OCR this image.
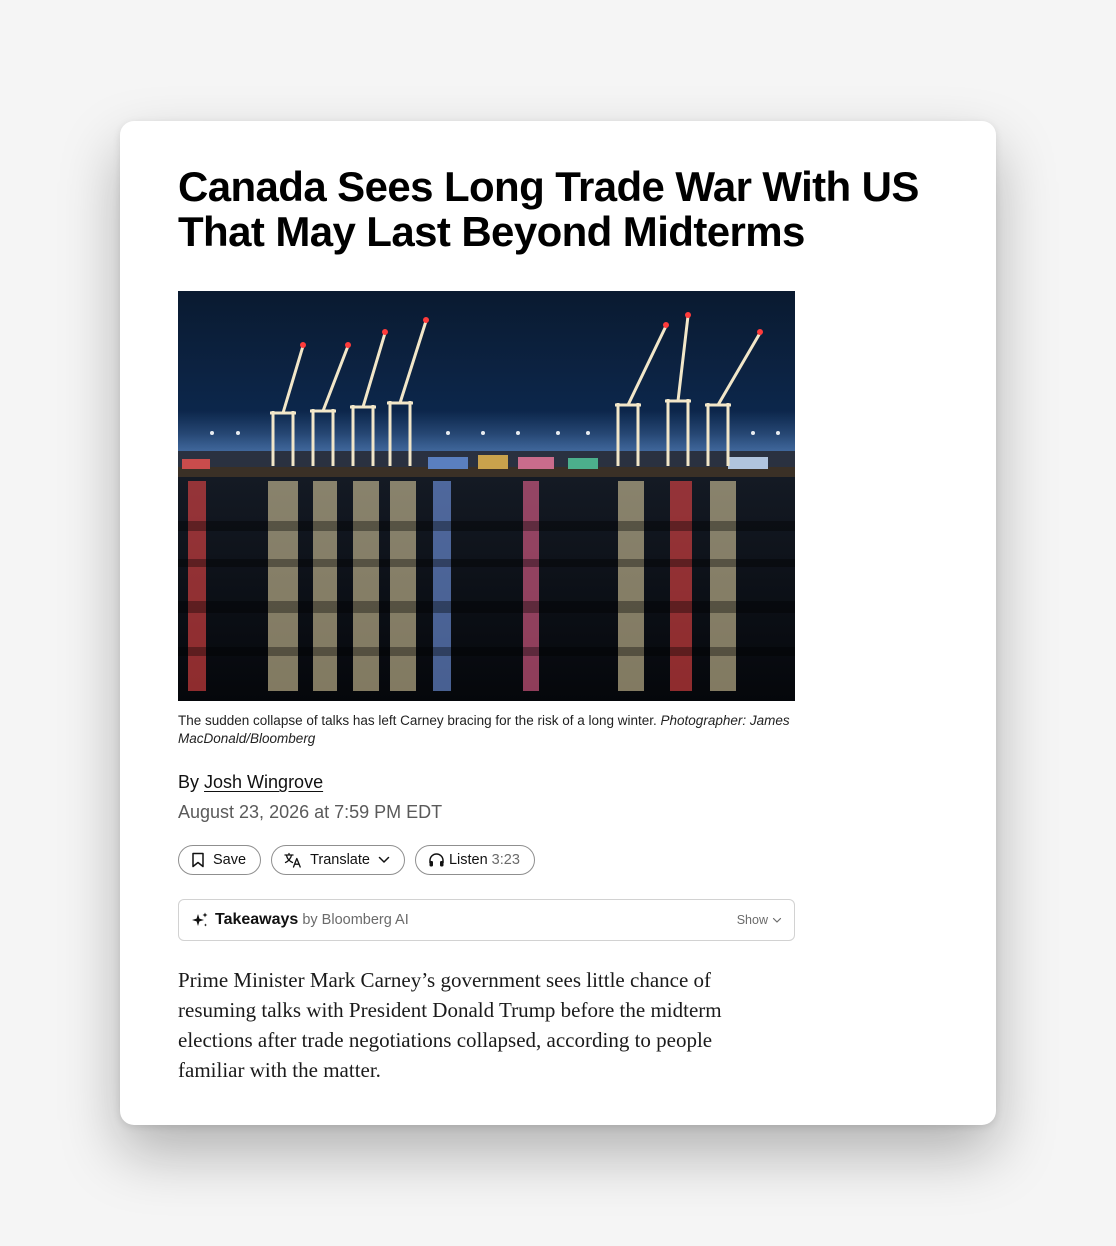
Canada Sees Long Trade War With US That May Last Beyond Midterms
The sudden collapse of talks has left Carney bracing for the risk of a long winter. Photographer: James MacDonald/Bloomberg
By Josh Wingrove
August 23, 2026 at 7:59 PM EDT
Save	Translate	Listen 3:23
Takeaways by Bloomberg AI	Show

Prime Minister Mark Carney’s government sees little chance of resuming talks with President Donald Trump before the midterm elections after trade negotiations collapsed, according to people familiar with the matter.
